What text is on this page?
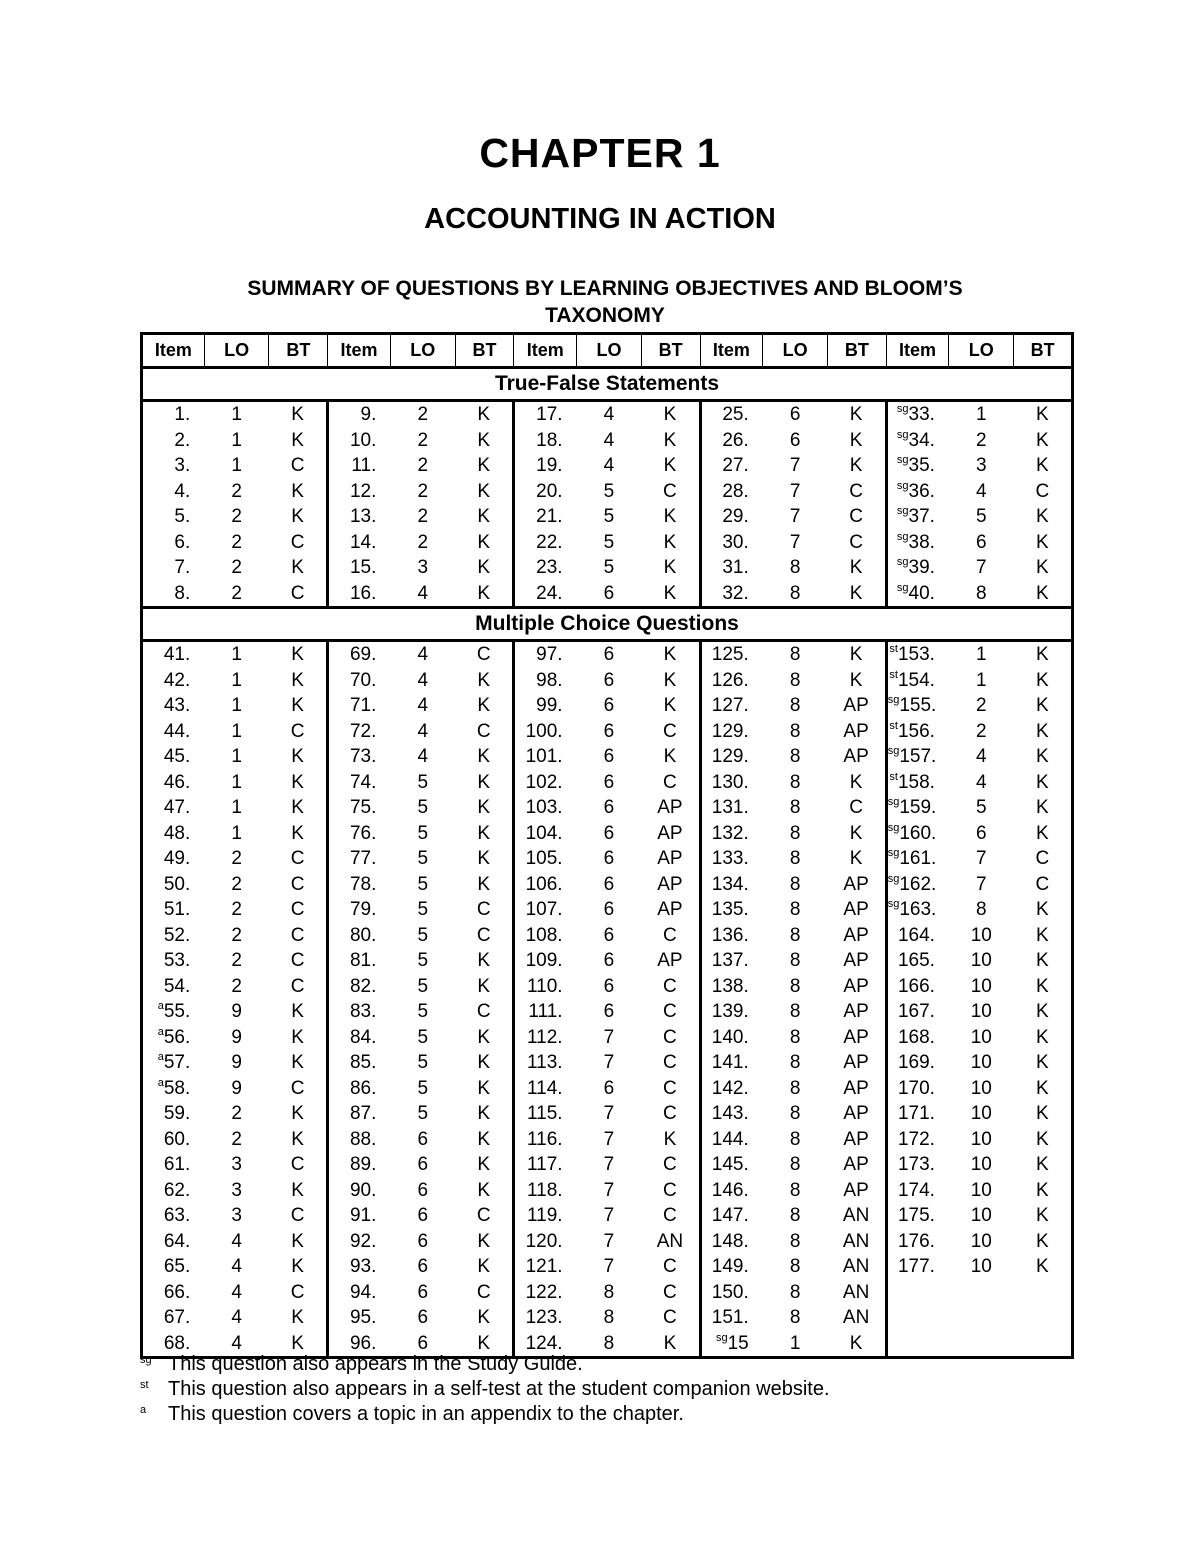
CHAPTER 1
ACCOUNTING IN ACTION
SUMMARY OF QUESTIONS BY LEARNING OBJECTIVES AND BLOOM’S TAXONOMY
Item	LO	BT	Item	LO	BT	Item	LO	BT	Item	LO	BT	Item	LO	BT
True-False Statements														
1.	1	K	9.	2	K	17.	4	K	25.	6	K	$^{sg}$33.	1	K
2.	1	K	10.	2	K	18.	4	K	26.	6	K	$^{sg}$34.	2	K
3.	1	C	11.	2	K	19.	4	K	27.	7	K	$^{sg}$35.	3	K
4.	2	K	12.	2	K	20.	5	C	28.	7	C	$^{sg}$36.	4	C
5.	2	K	13.	2	K	21.	5	K	29.	7	C	$^{sg}$37.	5	K
6.	2	C	14.	2	K	22.	5	K	30.	7	C	$^{sg}$38.	6	K
7.	2	K	15.	3	K	23.	5	K	31.	8	K	$^{sg}$39.	7	K
8.	2	C	16.	4	K	24.	6	K	32.	8	K	$^{sg}$40.	8	K
Multiple Choice Questions														
41.	1	K	69.	4	C	97.	6	K	125.	8	K	$^{st}$153.	1	K
42.	1	K	70.	4	K	98.	6	K	126.	8	K	$^{st}$154.	1	K
43.	1	K	71.	4	K	99.	6	K	127.	8	AP	$^{sg}$155.	2	K
44.	1	C	72.	4	C	100.	6	C	129.	8	AP	$^{st}$156.	2	K
45.	1	K	73.	4	K	101.	6	K	129.	8	AP	$^{sg}$157.	4	K
46.	1	K	74.	5	K	102.	6	C	130.	8	K	$^{st}$158.	4	K
47.	1	K	75.	5	K	103.	6	AP	131.	8	C	$^{sg}$159.	5	K
48.	1	K	76.	5	K	104.	6	AP	132.	8	K	$^{sg}$160.	6	K
49.	2	C	77.	5	K	105.	6	AP	133.	8	K	$^{sg}$161.	7	C
50.	2	C	78.	5	K	106.	6	AP	134.	8	AP	$^{sg}$162.	7	C
51.	2	C	79.	5	C	107.	6	AP	135.	8	AP	$^{sg}$163.	8	K
52.	2	C	80.	5	C	108.	6	C	136.	8	AP	164.	10	K
53.	2	C	81.	5	K	109.	6	AP	137.	8	AP	165.	10	K
54.	2	C	82.	5	K	110.	6	C	138.	8	AP	166.	10	K
$^a$55.	9	K	83.	5	C	111.	6	C	139.	8	AP	167.	10	K
$^a$56.	9	K	84.	5	K	112.	7	C	140.	8	AP	168.	10	K
$^a$57.	9	K	85.	5	K	113.	7	C	141.	8	AP	169.	10	K
$^a$58.	9	C	86.	5	K	114.	6	C	142.	8	AP	170.	10	K
59.	2	K	87.	5	K	115.	7	C	143.	8	AP	171.	10	K
60.	2	K	88.	6	K	116.	7	K	144.	8	AP	172.	10	K
61.	3	C	89.	6	K	117.	7	C	145.	8	AP	173.	10	K
62.	3	K	90.	6	K	118.	7	C	146.	8	AP	174.	10	K
63.	3	C	91.	6	C	119.	7	C	147.	8	AN	175.	10	K
64.	4	K	92.	6	K	120.	7	AN	148.	8	AN	176.	10	K
65.	4	K	93.	6	K	121.	7	C	149.	8	AN	177.	10	K
66.	4	C	94.	6	C	122.	8	C	150.	8	AN			
67.	4	K	95.	6	K	123.	8	C	151.	8	AN			
68.	4	K	96.	6	K	124.	8	K	$^{sg}$15	1	K			
sg This question also appears in the Study Guide.
st This question also appears in a self-test at the student companion website.
a	This question covers a topic in an appendix to the chapter.
